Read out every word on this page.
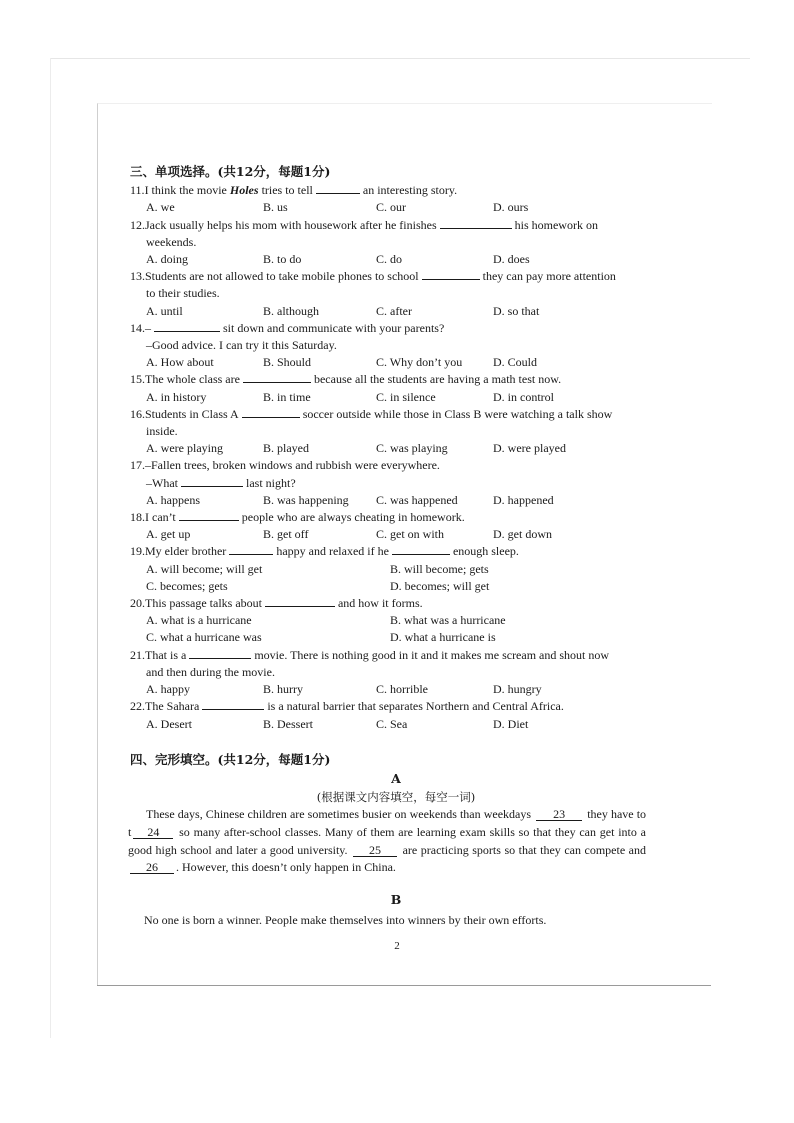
三、单项选择。(共12分，每题1分)
11.I think the movie Holes tries to tell	an interesting story.
A. we	B. us	C. our	D. ours
12.Jack usually helps his mom with housework after he finishes	his homework on
weekends.
A. doing	B. to do	C. do	D. does
13.Students are not allowed to take mobile phones to school	they can pay more attention
to their studies.
A. until	B. although	C. after	D. so that
14.–	sit down and communicate with your parents?
–Good advice. I can try it this Saturday.
A. How about	B. Should	C. Why don’t you	D. Could
15.The whole class are	because all the students are having a math test now.
A. in history	B. in time	C. in silence	D. in control
16.Students in Class A	soccer outside while those in Class B were watching a talk show
inside.
A. were playing	B. played	C. was playing	D. were played
17.–Fallen trees, broken windows and rubbish were everywhere.
–What	last night?
A. happens	B. was happening	C. was happened	D. happened
18.I can’t	people who are always cheating in homework.
A. get up	B. get off	C. get on with	D. get down
19.My elder brother	happy and relaxed if he	enough sleep.
A. will become; will get	B. will become; gets
C. becomes; gets	D. becomes; will get
20.This passage talks about	and how it forms.
A. what is a hurricane	B. what was a hurricane
C. what a hurricane was	D. what a hurricane is
21.That is a	movie. There is nothing good in it and it makes me scream and shout now
and then during the movie.
A. happy	B. hurry	C. horrible	D. hungry
22.The Sahara	is a natural barrier that separates Northern and Central Africa.
A. Desert	B. Dessert	C. Sea	D. Diet
四、完形填空。(共12分，每题1分)
A
(根据课文内容填空，每空一词)
These days, Chinese children are sometimes busier on weekends than weekdays 23 they have to t 24 so many after-school classes. Many of them are learning exam skills so that they can get into a good high school and later a good university. 25 are practicing sports so that they can compete and 26 . However, this doesn’t only happen in China.
B
No one is born a winner. People make themselves into winners by their own efforts.
2
